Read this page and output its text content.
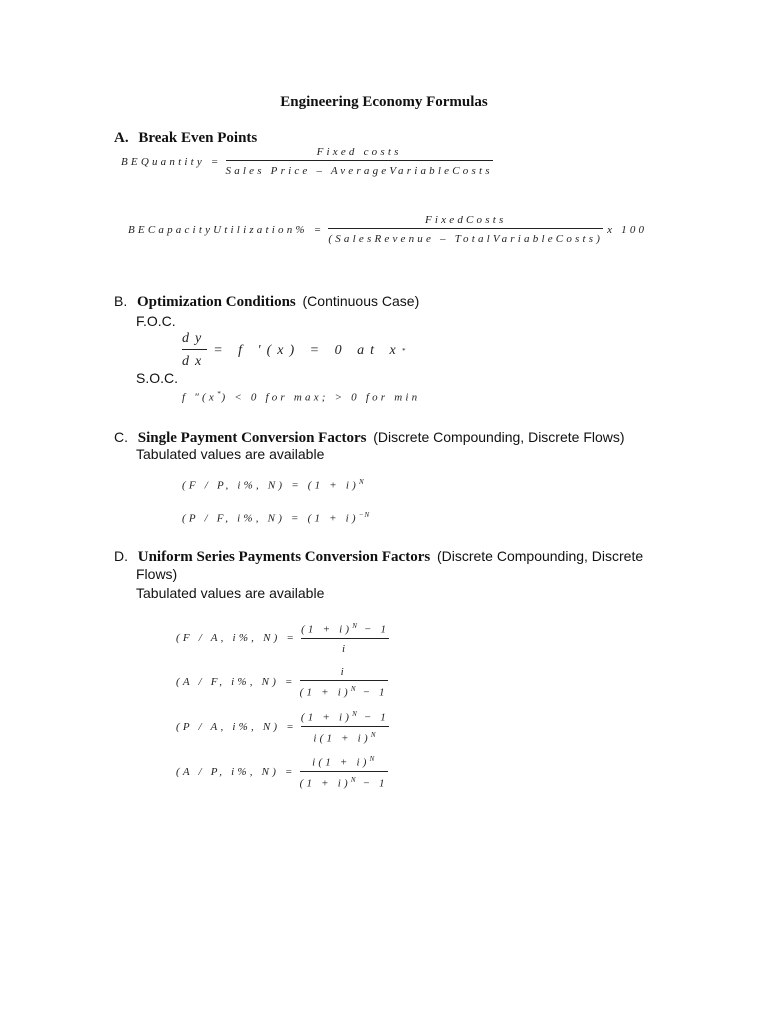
Engineering Economy Formulas
A. Break Even Points
BEQuantity = $\frac{\text{Fixed costs}}{\text{Sales Price – AverageVariableCosts}}$
BECapacityUtilization% = $\frac{\text{FixedCosts}}{\text{(SalesRevenue – TotalVariableCosts)}}$ x 100
B. Optimization Conditions (Continuous Case)
F.O.C.
$\frac{dy}{dx} = f$ ′(x) = 0 at x *
S.O.C.
f ″(x*) < 0 for max; > 0 for min
C. Single Payment Conversion Factors (Discrete Compounding, Discrete Flows)
Tabulated values are available
(F / P, i%, $N) = (1 + i)^N$
(P / F, i%, $N) = (1 + i)^{-N}$
D. Uniform Series Payments Conversion Factors (Discrete Compounding, Discrete
Flows)
Tabulated values are available
(F / A, i%, $N) = \frac{(1 + i)^N - 1}{i}$
(A / F, i%, $N) = \frac{i}{(1 + i)^N - 1}$
(P / A, i%, $N) = \frac{(1 + i)^N - 1}{i(1 + i)^N}$
(A / P, i%, $N) = \frac{i(1 + i)^N}{(1 + i)^N - 1}$
